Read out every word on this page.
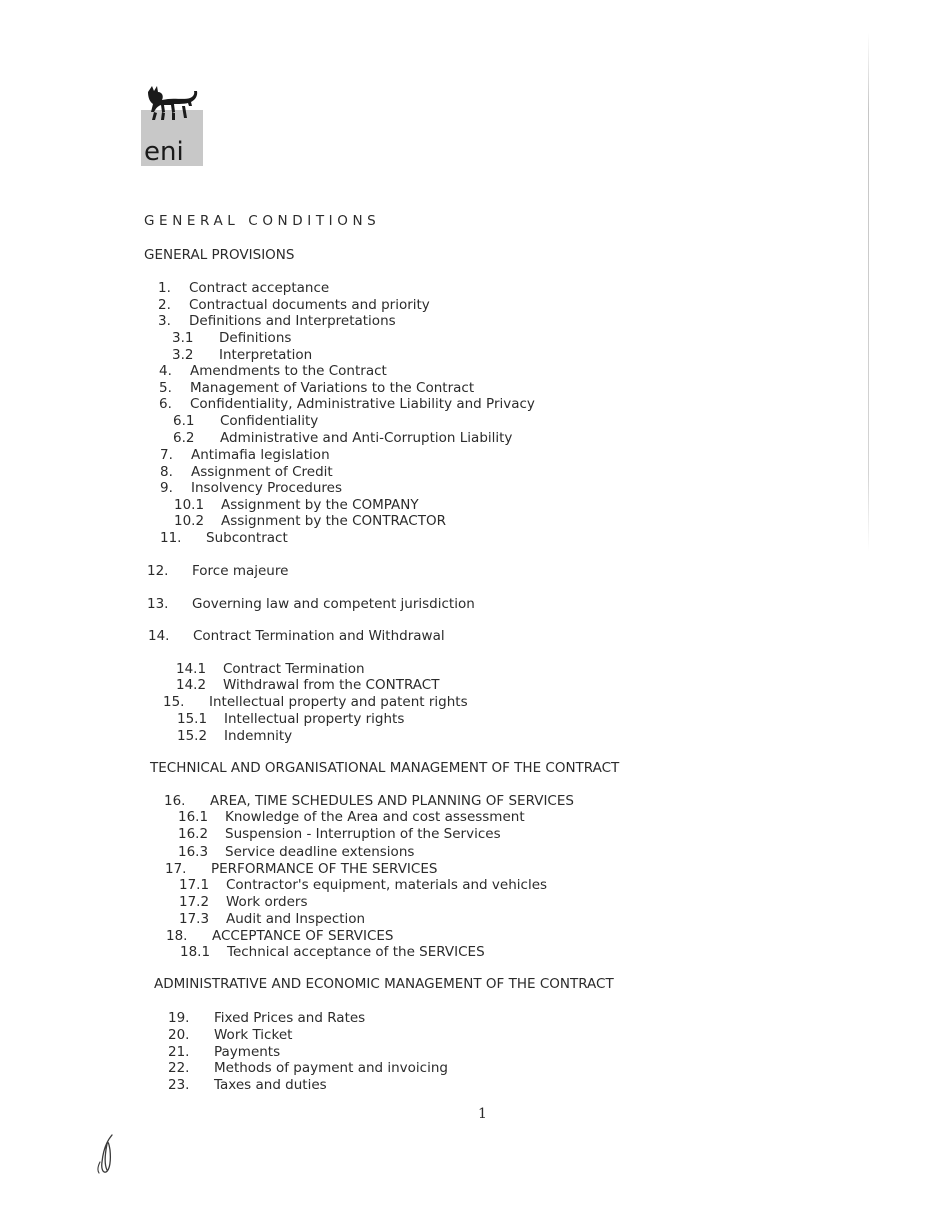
eni
GENERAL CONDITIONS
GENERAL PROVISIONS
1. Contract acceptance
2. Contractual documents and priority
3. Definitions and Interpretations
3.1 Definitions
3.2 Interpretation
4. Amendments to the Contract
5. Management of Variations to the Contract
6. Confidentiality, Administrative Liability and Privacy
6.1 Confidentiality
6.2 Administrative and Anti-Corruption Liability
7. Antimafia legislation
8. Assignment of Credit
9. Insolvency Procedures
10.1 Assignment by the COMPANY
10.2 Assignment by the CONTRACTOR
11. Subcontract
12. Force majeure
13. Governing law and competent jurisdiction
14. Contract Termination and Withdrawal
14.1 Contract Termination
14.2 Withdrawal from the CONTRACT
15. Intellectual property and patent rights
15.1 Intellectual property rights
15.2 Indemnity
TECHNICAL AND ORGANISATIONAL MANAGEMENT OF THE CONTRACT
16. AREA, TIME SCHEDULES AND PLANNING OF SERVICES
16.1 Knowledge of the Area and cost assessment
16.2 Suspension - Interruption of the Services
16.3 Service deadline extensions
17. PERFORMANCE OF THE SERVICES
17.1 Contractor's equipment, materials and vehicles
17.2 Work orders
17.3 Audit and Inspection
18. ACCEPTANCE OF SERVICES
18.1 Technical acceptance of the SERVICES
ADMINISTRATIVE AND ECONOMIC MANAGEMENT OF THE CONTRACT
19. Fixed Prices and Rates
20. Work Ticket
21. Payments
22. Methods of payment and invoicing
23. Taxes and duties
1
